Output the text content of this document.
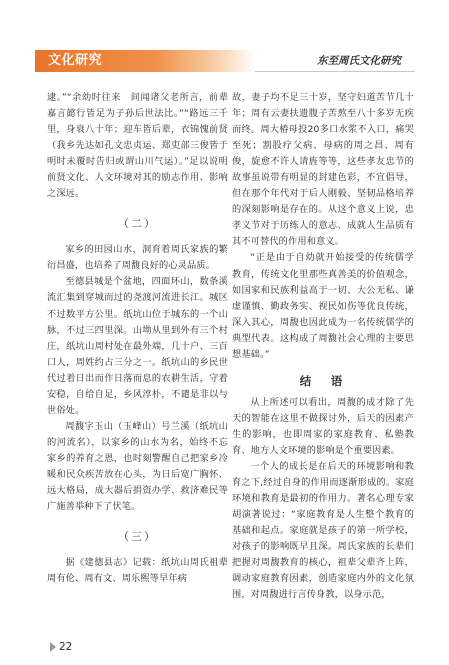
文化研究	东至周氏文化研究

逮。”“余幼时往来　间闻诸父老所言，前辈嘉言懿行皆足为子孙后世法比。”“路远三千里，身衰八十年；迎车皆后辈，衣锦愧前贤（我乡先达如孔文忠贞运、郑吏部三俊皆于明时未覆时告归或谓山川气运）。”足以说明前贤文化、人文环境对其的励志作用、影响之深远。

（二）

家乡的田园山水，洞育着周氏家族的繁衍昌盛，也培养了周馥良好的心灵品质。

至德县城是个盆地，四面环山，数条溪流汇集到穿城而过的尧渡河流进长江。城区不过数平方公里。纸坑山位于城东的一个山脉，不过三四里深。山坳从里到外有三个村庄，纸坑山周村处在最外端，几十户、三百口人，周姓约占三分之一。纸坑山的乡民世代过着日出而作日落而息的农耕生活，守着安稳，自给自足，乡风淳朴，不谴是非以与世俗处。

周馥字玉山（玉峰山）号兰溪（纸坑山的河流名），以家乡的山水为名，始终不忘家乡的养育之恩，也时刻警醒自己把家乡冷暖和民众疾苦放在心头，为日后宽广胸怀、远大格局，成大器后捐资办学、救济难民等广施善举种下了伏笔。

（三）

据《建德县志》记载：纸坑山周氏祖辈周有伦、周有文、周乐熙等早年病

故，妻子均不足三十岁，坚守妇道苦节几十年；周有云妻扶遗腹子苦熬至八十多岁无疾而终。周大椿母投20多口水浆不入口，痛哭至死；割股疗父病、母病的周之昌、周有俊，旋愈不许人请旌等等，这些孝友忠节的故事虽说带有明显的封建色彩，不宜倡导，但在那个年代对于后人刚毅、坚韧品格培养的深刻影响是存在的。从这个意义上说，忠孝义节对于历练人的意志、成就人生品质有其不可替代的作用和意义。

“正是由于自幼就开始接受的传统儒学教育，传统文化里那些真善美的价值观念，如国家和民族利益高于一切、大公无私、谦虚谨慎、勤政务实、视民如伤等优良传统，深入其心，周馥也因此成为一名传统儒学的典型代表。这构成了周馥社会心理的主要思想基础。”

结　语

从上所述可以看出，周馥的成才除了先天的智能在这里不做探讨外，后天的因素产生的影响，也即周家的家庭教育、私塾教育、地方人文环境的影响是个重要因素。

一个人的成长是在后天的环境影响和教育之下,经过自身的作用而逐渐形成的。家庭环境和教育是最初的作用力。著名心理专家胡演著说过：“家庭教育是人生整个教育的基础和起点。家庭就是孩子的第一所学校，对孩子的影响既早且深。周氏家族的长辈们把握对周馥教育的核心，祖辈父辈齐上阵，调动家庭教育因素，创造家庭内外的文化氛围，对周馥进行言传身教，以身示范，

22
